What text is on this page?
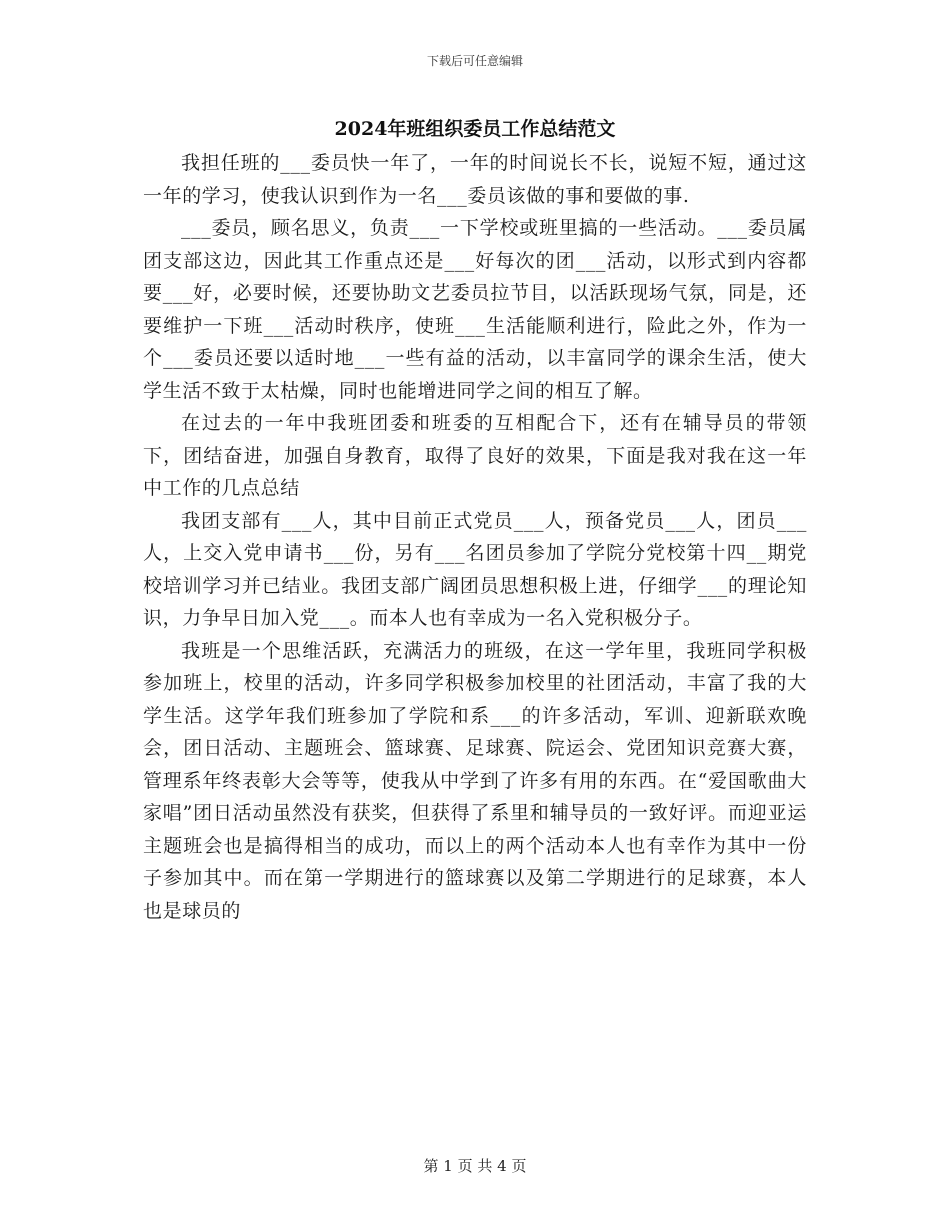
下载后可任意编辑
2024年班组织委员工作总结范文

我担任班的___委员快一年了，一年的时间说长不长，说短不短，通过这一年的学习，使我认识到作为一名___委员该做的事和要做的事.

___委员，顾名思义，负责___一下学校或班里搞的一些活动。___委员属团支部这边，因此其工作重点还是___好每次的团___活动，以形式到内容都要___好，必要时候，还要协助文艺委员拉节目，以活跃现场气氛，同是，还要维护一下班___活动时秩序，使班___生活能顺利进行，险此之外，作为一个___委员还要以适时地___一些有益的活动，以丰富同学的课余生活，使大学生活不致于太枯燥，同时也能增进同学之间的相互了解。

在过去的一年中我班团委和班委的互相配合下，还有在辅导员的带领下，团结奋进，加强自身教育，取得了良好的效果，下面是我对我在这一年中工作的几点总结

我团支部有___人，其中目前正式党员___人，预备党员___人，团员___人，上交入党申请书___份，另有___名团员参加了学院分党校第十四__期党校培训学习并已结业。我团支部广阔团员思想积极上进，仔细学___的理论知识，力争早日加入党___。而本人也有幸成为一名入党积极分子。

我班是一个思维活跃，充满活力的班级，在这一学年里，我班同学积极参加班上，校里的活动，许多同学积极参加校里的社团活动，丰富了我的大学生活。这学年我们班参加了学院和系___的许多活动，军训、迎新联欢晚会，团日活动、主题班会、篮球赛、足球赛、院运会、党团知识竞赛大赛，管理系年终表彰大会等等，使我从中学到了许多有用的东西。在“爱国歌曲大家唱”团日活动虽然没有获奖，但获得了系里和辅导员的一致好评。而迎亚运主题班会也是搞得相当的成功，而以上的两个活动本人也有幸作为其中一份子参加其中。而在第一学期进行的篮球赛以及第二学期进行的足球赛，本人也是球员的

第 1 页 共 4 页
